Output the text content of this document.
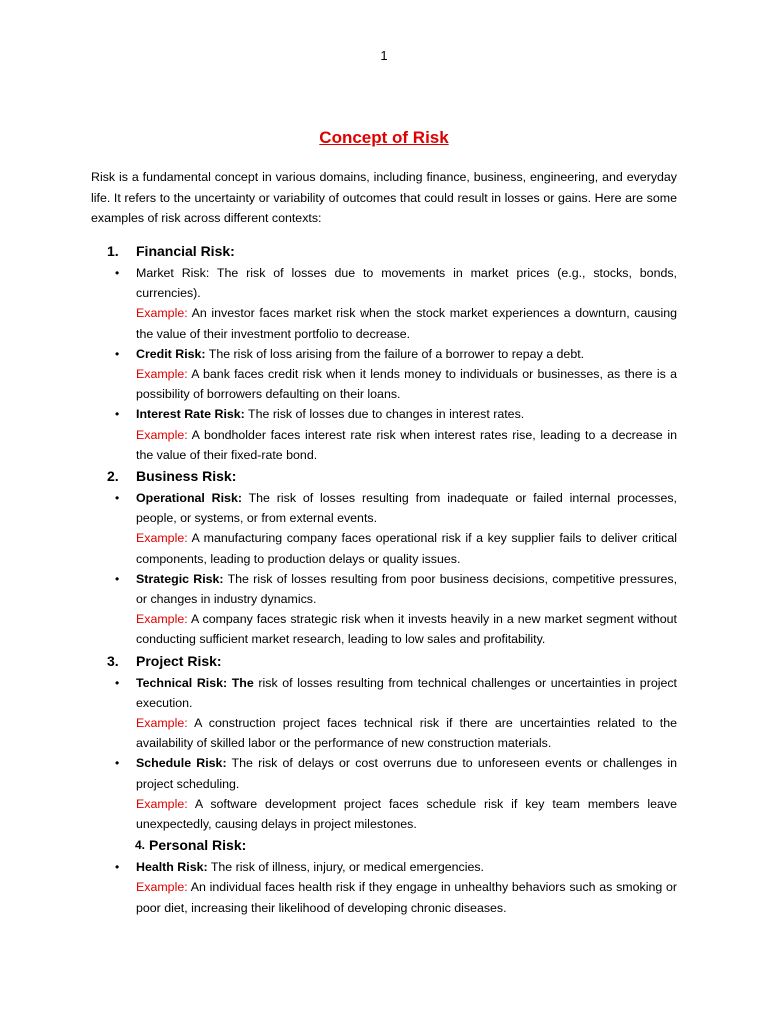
1
Concept of Risk

Risk is a fundamental concept in various domains, including finance, business, engineering, and everyday life. It refers to the uncertainty or variability of outcomes that could result in losses or gains. Here are some examples of risk across different contexts:

1. Financial Risk:
• Market Risk: The risk of losses due to movements in market prices (e.g., stocks, bonds, currencies).
Example: An investor faces market risk when the stock market experiences a downturn, causing the value of their investment portfolio to decrease.
• Credit Risk: The risk of loss arising from the failure of a borrower to repay a debt.
Example: A bank faces credit risk when it lends money to individuals or businesses, as there is a possibility of borrowers defaulting on their loans.
• Interest Rate Risk: The risk of losses due to changes in interest rates.
Example: A bondholder faces interest rate risk when interest rates rise, leading to a decrease in the value of their fixed-rate bond.
2. Business Risk:
• Operational Risk: The risk of losses resulting from inadequate or failed internal processes, people, or systems, or from external events.
Example: A manufacturing company faces operational risk if a key supplier fails to deliver critical components, leading to production delays or quality issues.
• Strategic Risk: The risk of losses resulting from poor business decisions, competitive pressures, or changes in industry dynamics.
Example: A company faces strategic risk when it invests heavily in a new market segment without conducting sufficient market research, leading to low sales and profitability.
3. Project Risk:
• Technical Risk: The risk of losses resulting from technical challenges or uncertainties in project execution.
Example: A construction project faces technical risk if there are uncertainties related to the availability of skilled labor or the performance of new construction materials.
• Schedule Risk: The risk of delays or cost overruns due to unforeseen events or challenges in project scheduling.
Example: A software development project faces schedule risk if key team members leave unexpectedly, causing delays in project milestones.
4. Personal Risk:
• Health Risk: The risk of illness, injury, or medical emergencies.
Example: An individual faces health risk if they engage in unhealthy behaviors such as smoking or poor diet, increasing their likelihood of developing chronic diseases.
